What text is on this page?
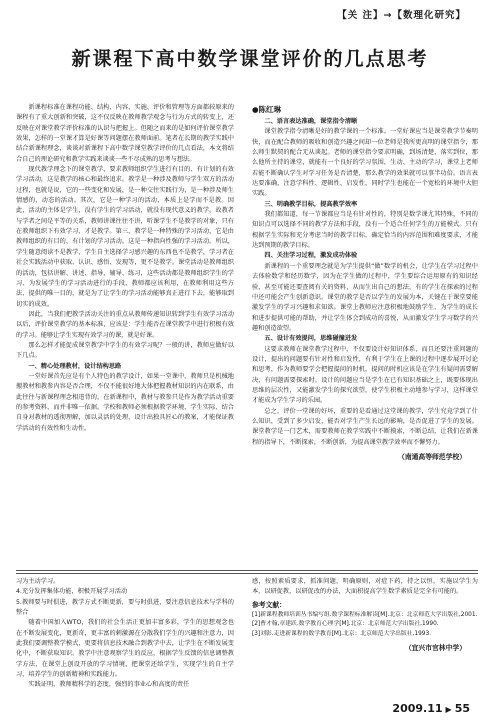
【关 注】→【数理化研究】
新课程下高中数学课堂评价的几点思考

新课程标准在课程功能、结构、内容、实施、评价和管理等方面都较原来的课程有了重大创新和突破，这不仅反映在教师教学观念与行为方式的转变上，还反映在对课堂教学评价标准的认识与把握上。但随之而来的是如何评价课堂教学效果，怎样的一堂课才算是好课等问题摆在教师面前。笔者在长期的教学实践中结合新课程理念，谈谈对新课程下高中数学课堂教学评价的几点看法，本文将结合自己的理论研究和教学实践来谈谈一些不尽成熟的思考与想法。

现代教学理念下的课堂教学，要求教师组织学生进行有目的、有计划的有效学习活动，这是教学的核心和最终追求。教学是一种涉及教师与学生双方的活动过程，也就是说，它的一些变化和发展，是一种交往实践行为，是一种涉及师生情感的、动态的活动。其次，它是一种学习的活动，本质上是学而不是教。因此，活动的主体是学生，没有学生的学习活动，就没有现代意义的教学。故教者与学者之间是平等的关系，教师讲课往往不讲，听课学生不是教学的对象，只有在教师组织下有效学习，才是教学。第三，教学是一种特殊的学习活动，它是由教师组织的有目的、有计划的学习活动。这是一种指向性强的学习活动。所以，学生随意阅读不是教学，学生自主选择学习感兴趣的东西也不是教学，学习者在社会实践活动中获取、认识、感悟、发现等，更不是教学。课堂活动是教师组织的活动，包括讲解、讲述、指导、辅导、练习，这些活动都是教师组织学生的学习、为发展学生的学习活动进行的手段，教师都应该利用，在教师利用这些方法、提供的唯一目的，就是为了让学生的学习活动能够真正进行下去，能够取到切实的成效。

因此，当我们把教学活动关注的重点从教师传递知识转到学生有效学习活动以后，评价课堂教学的基本标准，应该是：学生能否在课堂教学中进行积极有效的学习。能够让学生实现有效学习的课，就是好课。

那么怎样才能促成课堂教学中学生的有效学习呢？一般的讲，教师应做好以下几点。

一、精心处理教材，设计结构思路

一堂好课首先应是有个人特色的教学设计，如果一堂课中，教师只是机械地搬教材和教参内容是否合理，不仅不能很好地大体把握教材知识的内在联系，由此往往与新课程理念相违背的，在新课程中，教材与教参只是作为教学活动重要的参考资料，而并非唯一依据。学校和教师必须根据教学环境、学生实际、结合自身对教材的透彻理解，加以灵活的处理，设计出独具匠心的教案，才能保证教学活动的有效性和生动性。

●陈红琳

二、语言表达准确，课堂指令清晰

课堂教学指令清晰是好的教学课的一个标准。一堂好课应当是课堂教学节奏明快，而在配合教师的吸收和创造兴趣之间却一位老师是我所更高明的课堂指令，那么师生默契的配合无从谈起。老师的课堂指令要求明确，到场清楚，落实到位，那么他所主持的课堂，就能有一个良好的学习氛围，生动、主动的学习，课堂上老师若能不断确认学生对学习任务是否清楚，那么教学的效果就可以事半功倍。语言表达要准确，注意学科性、逻辑性、启发性，同时学生也能在一个宽松的环境中大胆实践。

三、明确教学目标，提高教学效率

我们都知道，每一节课都应当是有针对性的，特别是数学课尤其特殊，不同的知识点可以选择不同的教学方法和手段，没有一个适合任何学生的万能模式。只有根据学生实际和充分考虑当时的教学目标，确定恰当的内容范围和难度要求，才能达到预期的教学目标。

四、关注学习过程，激发成功体验

新课程的一个重要理念就是为学生提供“做”数学的机会，让学生在学习过程中去体验数学和经历数学，因为在学生做的过程中，学生要综合运用原有的知识经验，甚至可能还要查阅有关的资料，从而生出自己的想法，有的学生在探索的过程中还可能会产生创新意识。课堂的教学是否以学生的发展为本，关键在于课堂要能激发学生的学习兴趣和求知欲。课堂上教师应注意积极地鼓励学生，为学生的成长和进步提供可能的帮助，并让学生体会到成功的喜悦，从而激发学生学习数学的兴趣和创造欲望。

五、设计有效提问，思维碰撞迸发

这要求教师在课堂教学过程中，不仅要设计好知识体系，而且还要注重问题的设计，提出的问题要有针对性和启发性，有利于学生在上课的过程中逐步展开讨论和思考，作为教师要学会把握提问的时机，提问的时机应该是在学生有疑问需要解决，有问题需要探索时。设计的问题应当是学生在已有知识基础之上，既要体现出思维的层次性，又能激发学生的探究欲望，使学生积极主动地参与学习，这样课堂才能成为学生学习的乐园。

总之，评价一堂课的好坏，重要的是看通过这堂课的教学，学生究竟学到了什么知识，受到了多少启发，能否对学生产生长远的影响，是否促进了学生的发展。课堂教学是一门艺术，需要教师在教学实践中不断摸索，不断总结，让我们在新课程的指导下，不断探索，不断创新，为提高课堂教学效率而不懈努力。

（南通高等师范学校）

习为主动学习。

4.充分发挥集体功能，积极开展学习活动

5.教师要与时俱进，教学方式不断更新，要与时俱进，要注意信息技术与学科的整合

随着中国加入WTO，我们的社会生活正更加丰富多彩，学生的思想观念也在不断发展变化，更新奇，更丰富的刺激源在分散我们学生的兴趣和注意力，因此我们要调整教学模式，更要将信息技术融合到教学中去，让学生在不断发展变化中，不断获取知识。教学中注意观察学生的反应，根据学生反馈的信息调整教学方法，在课堂上创设开放的学习情境，把课堂还给学生，实现学生的自主学习，培养学生的创新精神和实践能力。

实践证明，教师精科学的态度，强烈的事业心和高度的责任

感，按照素质要求，抓准问题，明确原则，对症下药，持之以恒，实施以学生为本，以研促教，以研促改的办法，大面积提高学生数学素质是完全有可能的。

参考文献：

[1]新课程教师培训丛书编写组.数学课程标准解读[M].北京：北京师范大学出版社,2001.

[2]曹才翰,章建跃.数学教育心理学[M].北京：北京师范大学出版社,1990.

[3]刘影.走进新课程的数学教育[M].北京：北京师范大学出版社,1993.

（宜兴市官林中学）
2009.11 ▶ 55
